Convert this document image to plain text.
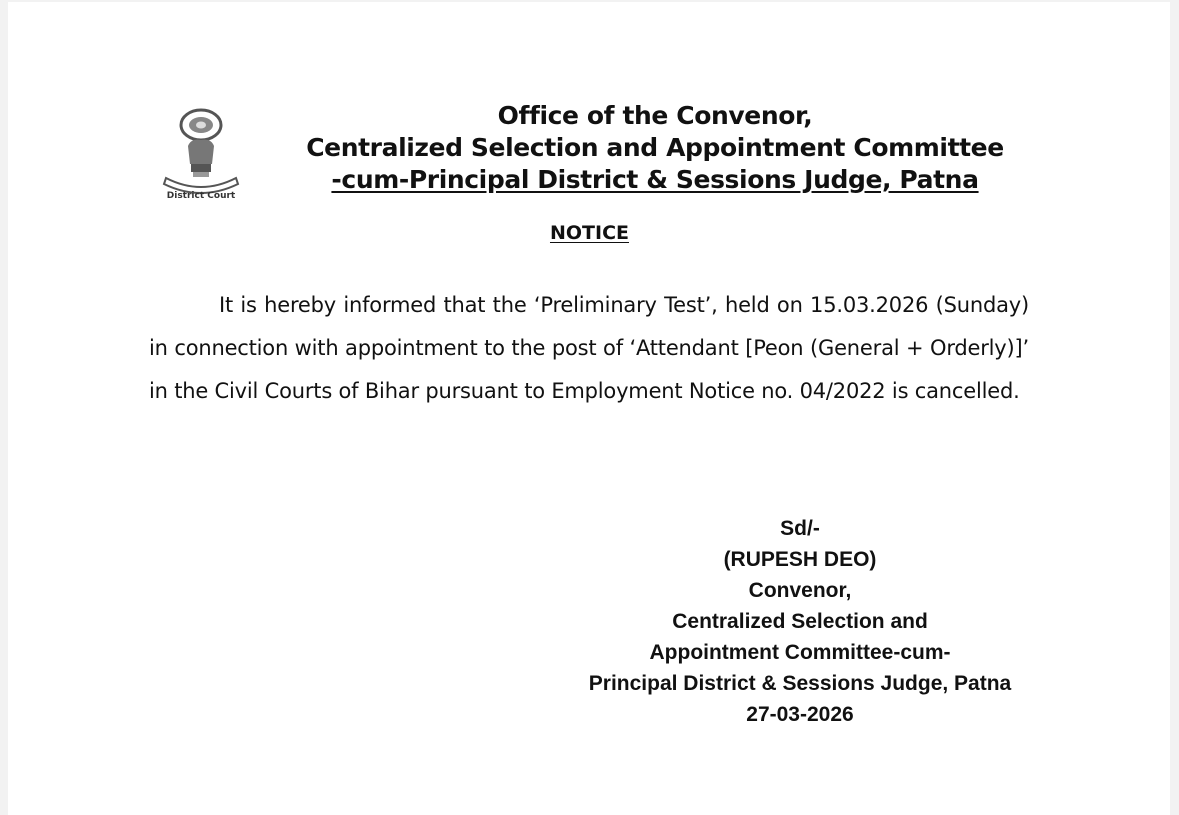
District Court
Office of the Convenor,
Centralized Selection and Appointment Committee
-cum-Principal District & Sessions Judge, Patna
NOTICE
It is hereby informed that the ‘Preliminary Test’, held on 15.03.2026 (Sunday) in connection with appointment to the post of ‘Attendant [Peon (General + Orderly)]’ in the Civil Courts of Bihar pursuant to Employment Notice no. 04/2022 is cancelled.
Sd/-
(RUPESH DEO)
Convenor,
Centralized Selection and
Appointment Committee-cum-
Principal District & Sessions Judge, Patna
27-03-2026
